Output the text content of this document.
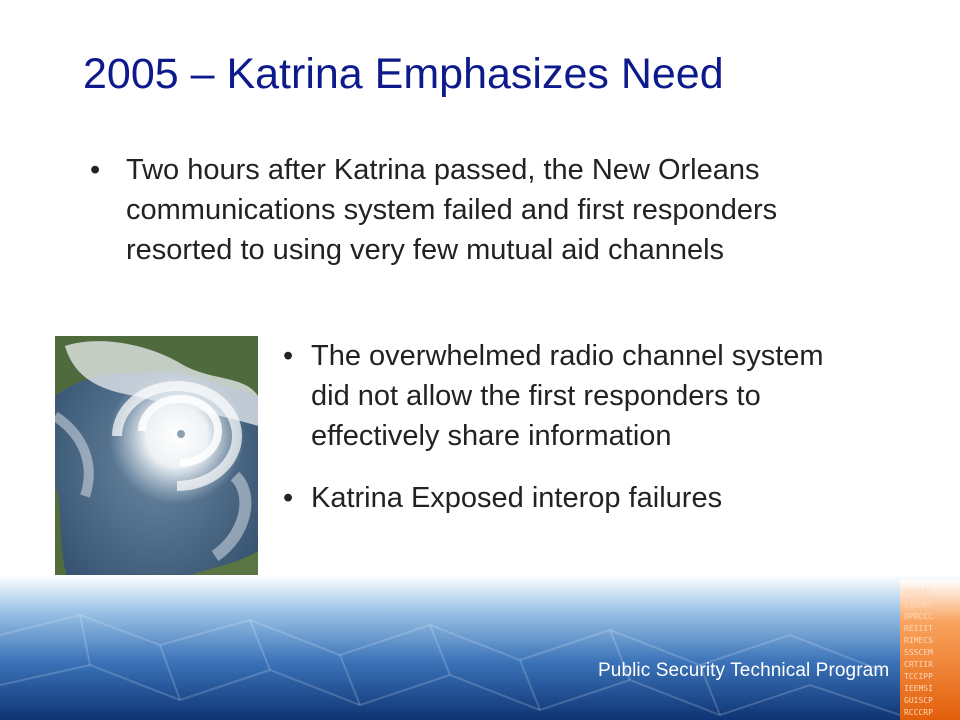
2005 – Katrina Emphasizes Need
• Two hours after Katrina passed, the New Orleans communications system failed and first responders resorted to using very few mutual aid channels
• The overwhelmed radio channel system did not allow the first responders to effectively share information
• Katrina Exposed interop failures
OPCSIT
SIEMEP
OPRCCC
REIIIT
RIMECS
SSSCEM
CRTIIR
TCCIPP
IEEMSI
GUISCP
RCCCRP
Public Security Technical Program
